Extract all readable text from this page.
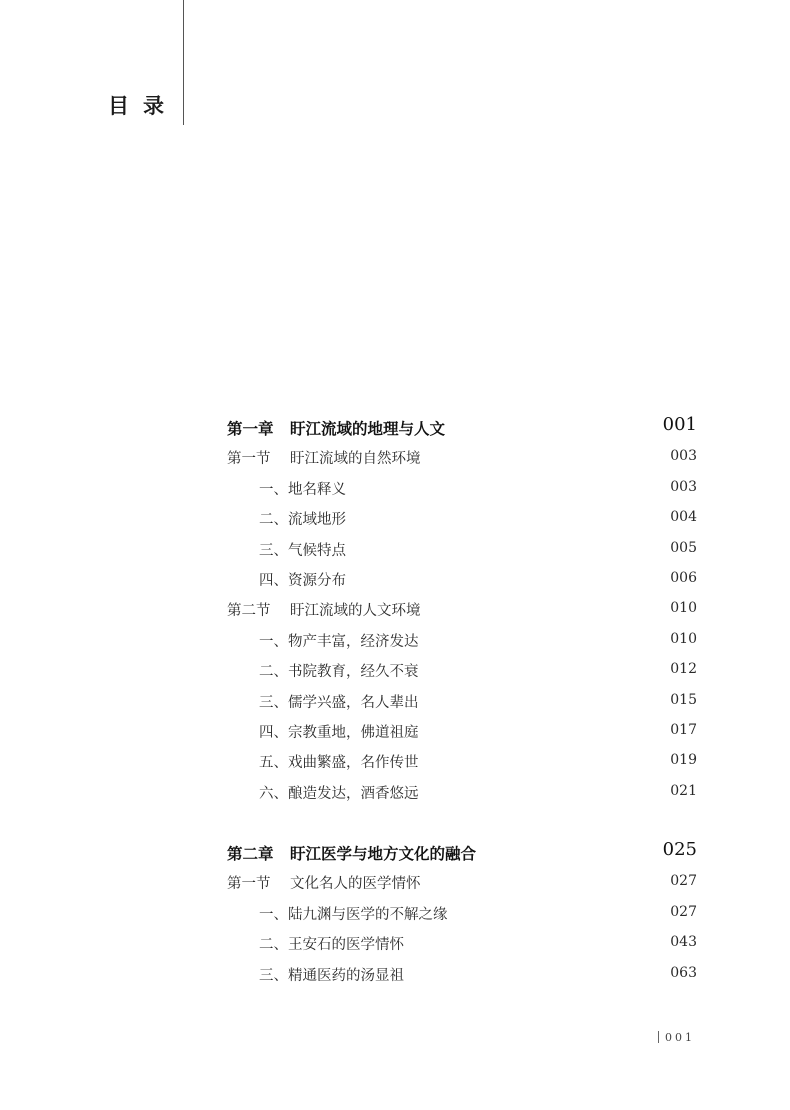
目录
第一章 盱江流域的地理与人文	001
第一节 盱江流域的自然环境	003
一、地名释义	003
二、流域地形	004
三、气候特点	005
四、资源分布	006
第二节 盱江流域的人文环境	010
一、物产丰富，经济发达	010
二、书院教育，经久不衰	012
三、儒学兴盛，名人辈出	015
四、宗教重地，佛道祖庭	017
五、戏曲繁盛，名作传世	019
六、酿造发达，酒香悠远	021
第二章 盱江医学与地方文化的融合	025
第一节 文化名人的医学情怀	027
一、陆九渊与医学的不解之缘	027
二、王安石的医学情怀	043
三、精通医药的汤显祖	063
001
